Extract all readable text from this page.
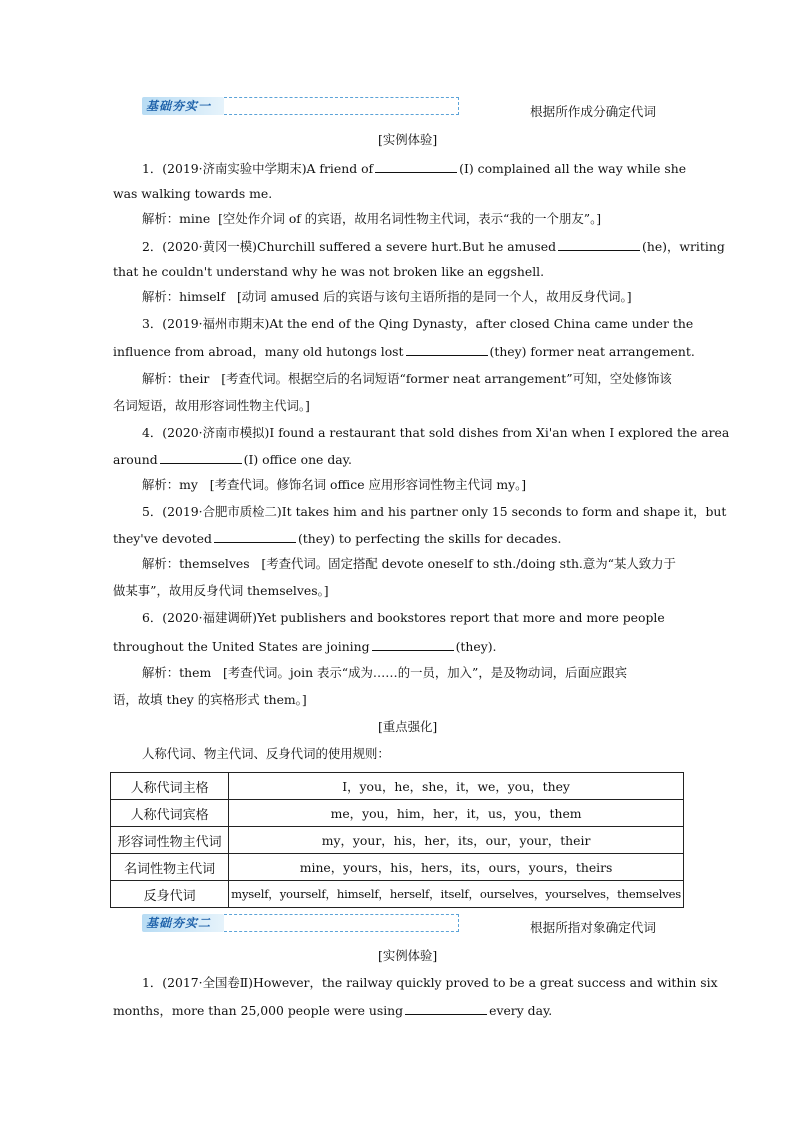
基础夯实一	根据所作成分确定代词
[实例体验]
1．(2019·济南实验中学期末)A friend of	(I) complained all the way while she
was walking towards me.
解析：mine [空处作介词 of 的宾语，故用名词性物主代词，表示“我的一个朋友”。]
2．(2020·黄冈一模)Churchill suffered a severe hurt.But he amused	(he)，writing
that he couldn't understand why he was not broken like an eggshell.
解析：himself [动词 amused 后的宾语与该句主语所指的是同一个人，故用反身代词。]
3．(2019·福州市期末)At the end of the Qing Dynasty，after closed China came under the
influence from abroad，many old hutongs lost	(they) former neat arrangement.
解析：their [考查代词。根据空后的名词短语“former neat arrangement”可知，空处修饰该
名词短语，故用形容词性物主代词。]
4．(2020·济南市模拟)I found a restaurant that sold dishes from Xi'an when I explored the area
around	(I) office one day.
解析：my [考查代词。修饰名词 office 应用形容词性物主代词 my。]
5．(2019·合肥市质检二)It takes him and his partner only 15 seconds to form and shape it，but
they've devoted	(they) to perfecting the skills for decades.
解析：themselves [考查代词。固定搭配 devote oneself to sth./doing sth.意为“某人致力于
做某事”，故用反身代词 themselves。]
6．(2020·福建调研)Yet publishers and bookstores report that more and more people
throughout the United States are joining	(they).
解析：them [考查代词。join 表示“成为……的一员，加入”，是及物动词，后面应跟宾
语，故填 they 的宾格形式 them。]
[重点强化]
人称代词、物主代词、反身代词的使用规则：
人称代词主格	I，you，he，she，it，we，you，they
人称代词宾格	me，you，him，her，it，us，you，them
形容词性物主代词	my，your，his，her，its，our，your，their
名词性物主代词	mine，yours，his，hers，its，ours，yours，theirs
反身代词	myself，yourself，himself，herself，itself，ourselves，yourselves，themselves
基础夯实二	根据所指对象确定代词
[实例体验]
1．(2017·全国卷Ⅱ)However，the railway quickly proved to be a great success and within six
months，more than 25,000 people were using	every day.
